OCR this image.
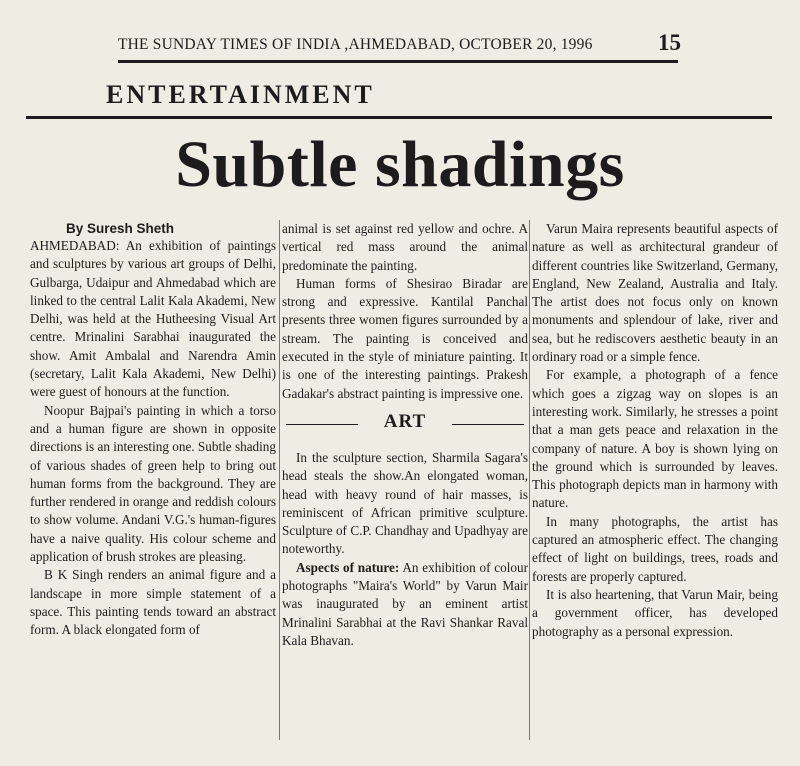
THE SUNDAY TIMES OF INDIA ,AHMEDABAD, OCTOBER 20, 1996	15
ENTERTAINMENT
Subtle shadings
By Suresh Sheth

AHMEDABAD: An exhibition of paintings and sculptures by various art groups of Delhi, Gulbarga, Udaipur and Ahmedabad which are linked to the central Lalit Kala Akademi, New Delhi, was held at the Hutheesing Visual Art centre. Mrinalini Sarabhai inaugurated the show. Amit Ambalal and Narendra Amin (secretary, Lalit Kala Akademi, New Delhi) were guest of honours at the function.

Noopur Bajpai's painting in which a torso and a human figure are shown in opposite directions is an interesting one. Subtle shading of various shades of green help to bring out human forms from the background. They are further rendered in orange and reddish colours to show volume. Andani V.G.'s human-figures have a naive quality. His colour scheme and application of brush strokes are pleasing.

B K Singh renders an animal figure and a landscape in more simple statement of a space. This painting tends toward an abstract form. A black elongated form of

animal is set against red yellow and ochre. A vertical red mass around the animal predominate the painting.

Human forms of Shesirao Biradar are strong and expressive. Kantilal Panchal presents three women figures surrounded by a stream. The painting is conceived and executed in the style of miniature painting. It is one of the interesting paintings. Prakesh Gadakar's abstract painting is impressive one.

ART

In the sculpture section, Sharmila Sagara's head steals the show.An elongated woman, head with heavy round of hair masses, is reminiscent of African primitive sculpture. Sculpture of C.P. Chandhay and Upadhyay are noteworthy.

Aspects of nature: An exhibition of colour photographs "Maira's World" by Varun Mair was inaugurated by an eminent artist Mrinalini Sarabhai at the Ravi Shankar Raval Kala Bhavan.

Varun Maira represents beautiful aspects of nature as well as architectural grandeur of different countries like Switzerland, Germany, England, New Zealand, Australia and Italy. The artist does not focus only on known monuments and splendour of lake, river and sea, but he rediscovers aesthetic beauty in an ordinary road or a simple fence.

For example, a photograph of a fence which goes a zigzag way on slopes is an interesting work. Similarly, he stresses a point that a man gets peace and relaxation in the company of nature. A boy is shown lying on the ground which is surrounded by leaves. This photograph depicts man in harmony with nature.

In many photographs, the artist has captured an atmospheric effect. The changing effect of light on buildings, trees, roads and forests are properly captured.

It is also heartening, that Varun Mair, being a government officer, has developed photography as a personal expression.
